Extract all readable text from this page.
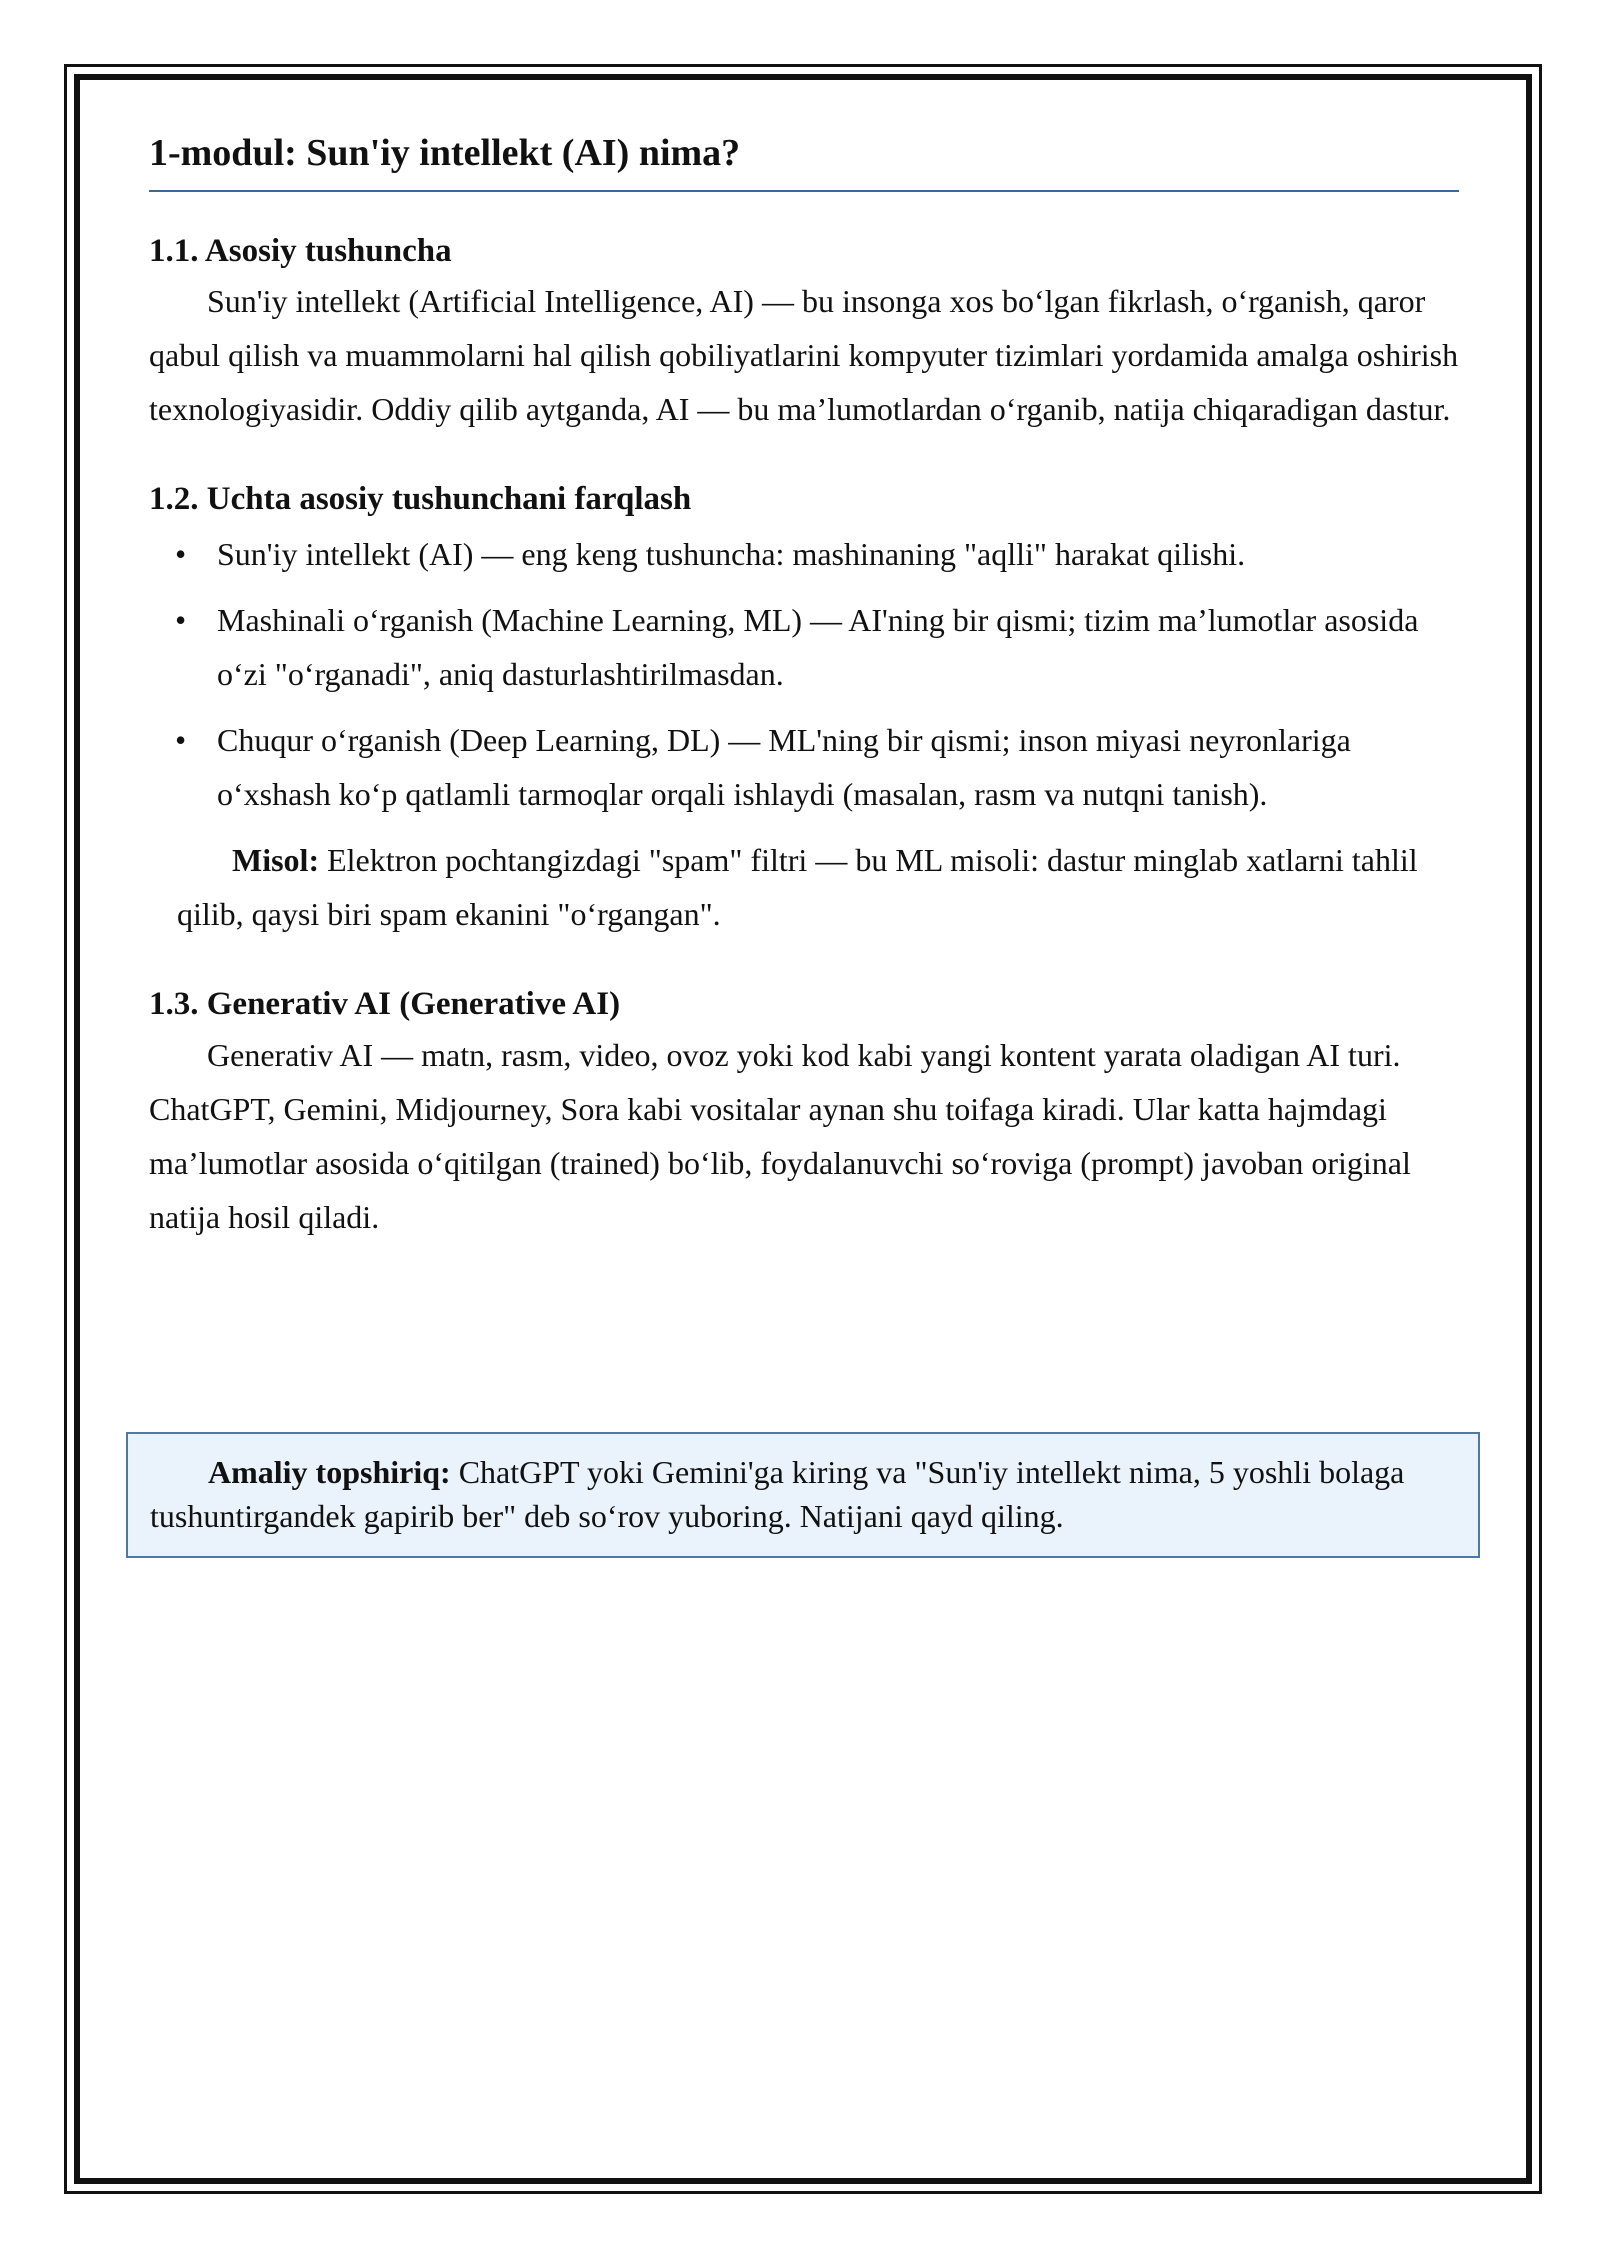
1-modul: Sun'iy intellekt (AI) nima?
1.1. Asosiy tushuncha

Sun'iy intellekt (Artificial Intelligence, AI) — bu insonga xos bo‘lgan fikrlash, o‘rganish, qaror qabul qilish va muammolarni hal qilish qobiliyatlarini kompyuter tizimlari yordamida amalga oshirish texnologiyasidir. Oddiy qilib aytganda, AI — bu ma’lumotlardan o‘rganib, natija chiqaradigan dastur.

1.2. Uchta asosiy tushunchani farqlash
• Sun'iy intellekt (AI) — eng keng tushuncha: mashinaning "aqlli" harakat qilishi.
• Mashinali o‘rganish (Machine Learning, ML) — AI'ning bir qismi; tizim ma’lumotlar asosida o‘zi "o‘rganadi", aniq dasturlashtirilmasdan.
• Chuqur o‘rganish (Deep Learning, DL) — ML'ning bir qismi; inson miyasi neyronlariga o‘xshash ko‘p qatlamli tarmoqlar orqali ishlaydi (masalan, rasm va nutqni tanish).

Misol: Elektron pochtangizdagi "spam" filtri — bu ML misoli: dastur minglab xatlarni tahlil qilib, qaysi biri spam ekanini "o‘rgangan".

1.3. Generativ AI (Generative AI)

Generativ AI — matn, rasm, video, ovoz yoki kod kabi yangi kontent yarata oladigan AI turi. ChatGPT, Gemini, Midjourney, Sora kabi vositalar aynan shu toifaga kiradi. Ular katta hajmdagi ma’lumotlar asosida o‘qitilgan (trained) bo‘lib, foydalanuvchi so‘roviga (prompt) javoban original natija hosil qiladi.

Amaliy topshiriq: ChatGPT yoki Gemini'ga kiring va "Sun'iy intellekt nima, 5 yoshli bolaga tushuntirgandek gapirib ber" deb so‘rov yuboring. Natijani qayd qiling.
